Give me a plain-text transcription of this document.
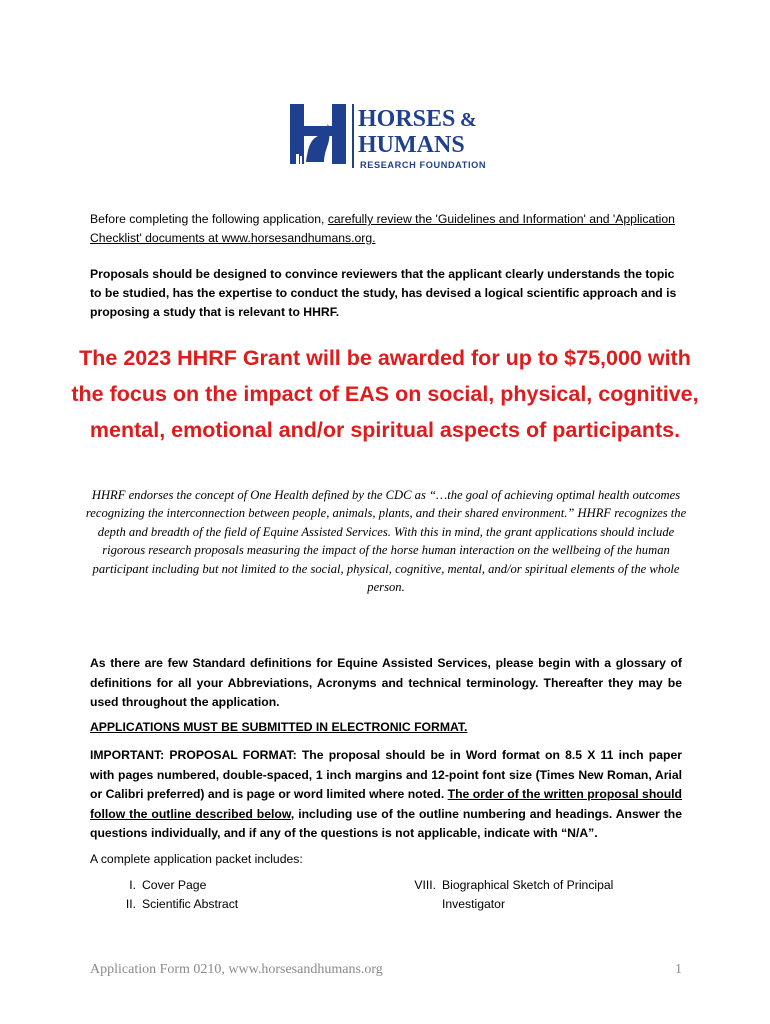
HORSES &
HUMANS
RESEARCH FOUNDATION
Before completing the following application, carefully review the 'Guidelines and Information' and 'Application Checklist' documents at www.horsesandhumans.org.
Proposals should be designed to convince reviewers that the applicant clearly understands the topic to be studied, has the expertise to conduct the study, has devised a logical scientific approach and is proposing a study that is relevant to HHRF.
The 2023 HHRF Grant will be awarded for up to $75,000 with the focus on the impact of EAS on social, physical, cognitive, mental, emotional and/or spiritual aspects of participants.
HHRF endorses the concept of One Health defined by the CDC as “…the goal of achieving optimal health outcomes recognizing the interconnection between people, animals, plants, and their shared environment.” HHRF recognizes the depth and breadth of the field of Equine Assisted Services. With this in mind, the grant applications should include rigorous research proposals measuring the impact of the horse human interaction on the wellbeing of the human participant including but not limited to the social, physical, cognitive, mental, and/or spiritual elements of the whole person.
As there are few Standard definitions for Equine Assisted Services, please begin with a glossary of definitions for all your Abbreviations, Acronyms and technical terminology. Thereafter they may be used throughout the application.
APPLICATIONS MUST BE SUBMITTED IN ELECTRONIC FORMAT.
IMPORTANT: PROPOSAL FORMAT: The proposal should be in Word format on 8.5 X 11 inch paper with pages numbered, double-spaced, 1 inch margins and 12-point font size (Times New Roman, Arial or Calibri preferred) and is page or word limited where noted. The order of the written proposal should follow the outline described below, including use of the outline numbering and headings. Answer the questions individually, and if any of the questions is not applicable, indicate with “N/A”.
A complete application packet includes:
I. Cover Page
II. Scientific Abstract
VIII. Biographical Sketch of Principal Investigator
Application Form 0210, www.horsesandhumans.org	1
